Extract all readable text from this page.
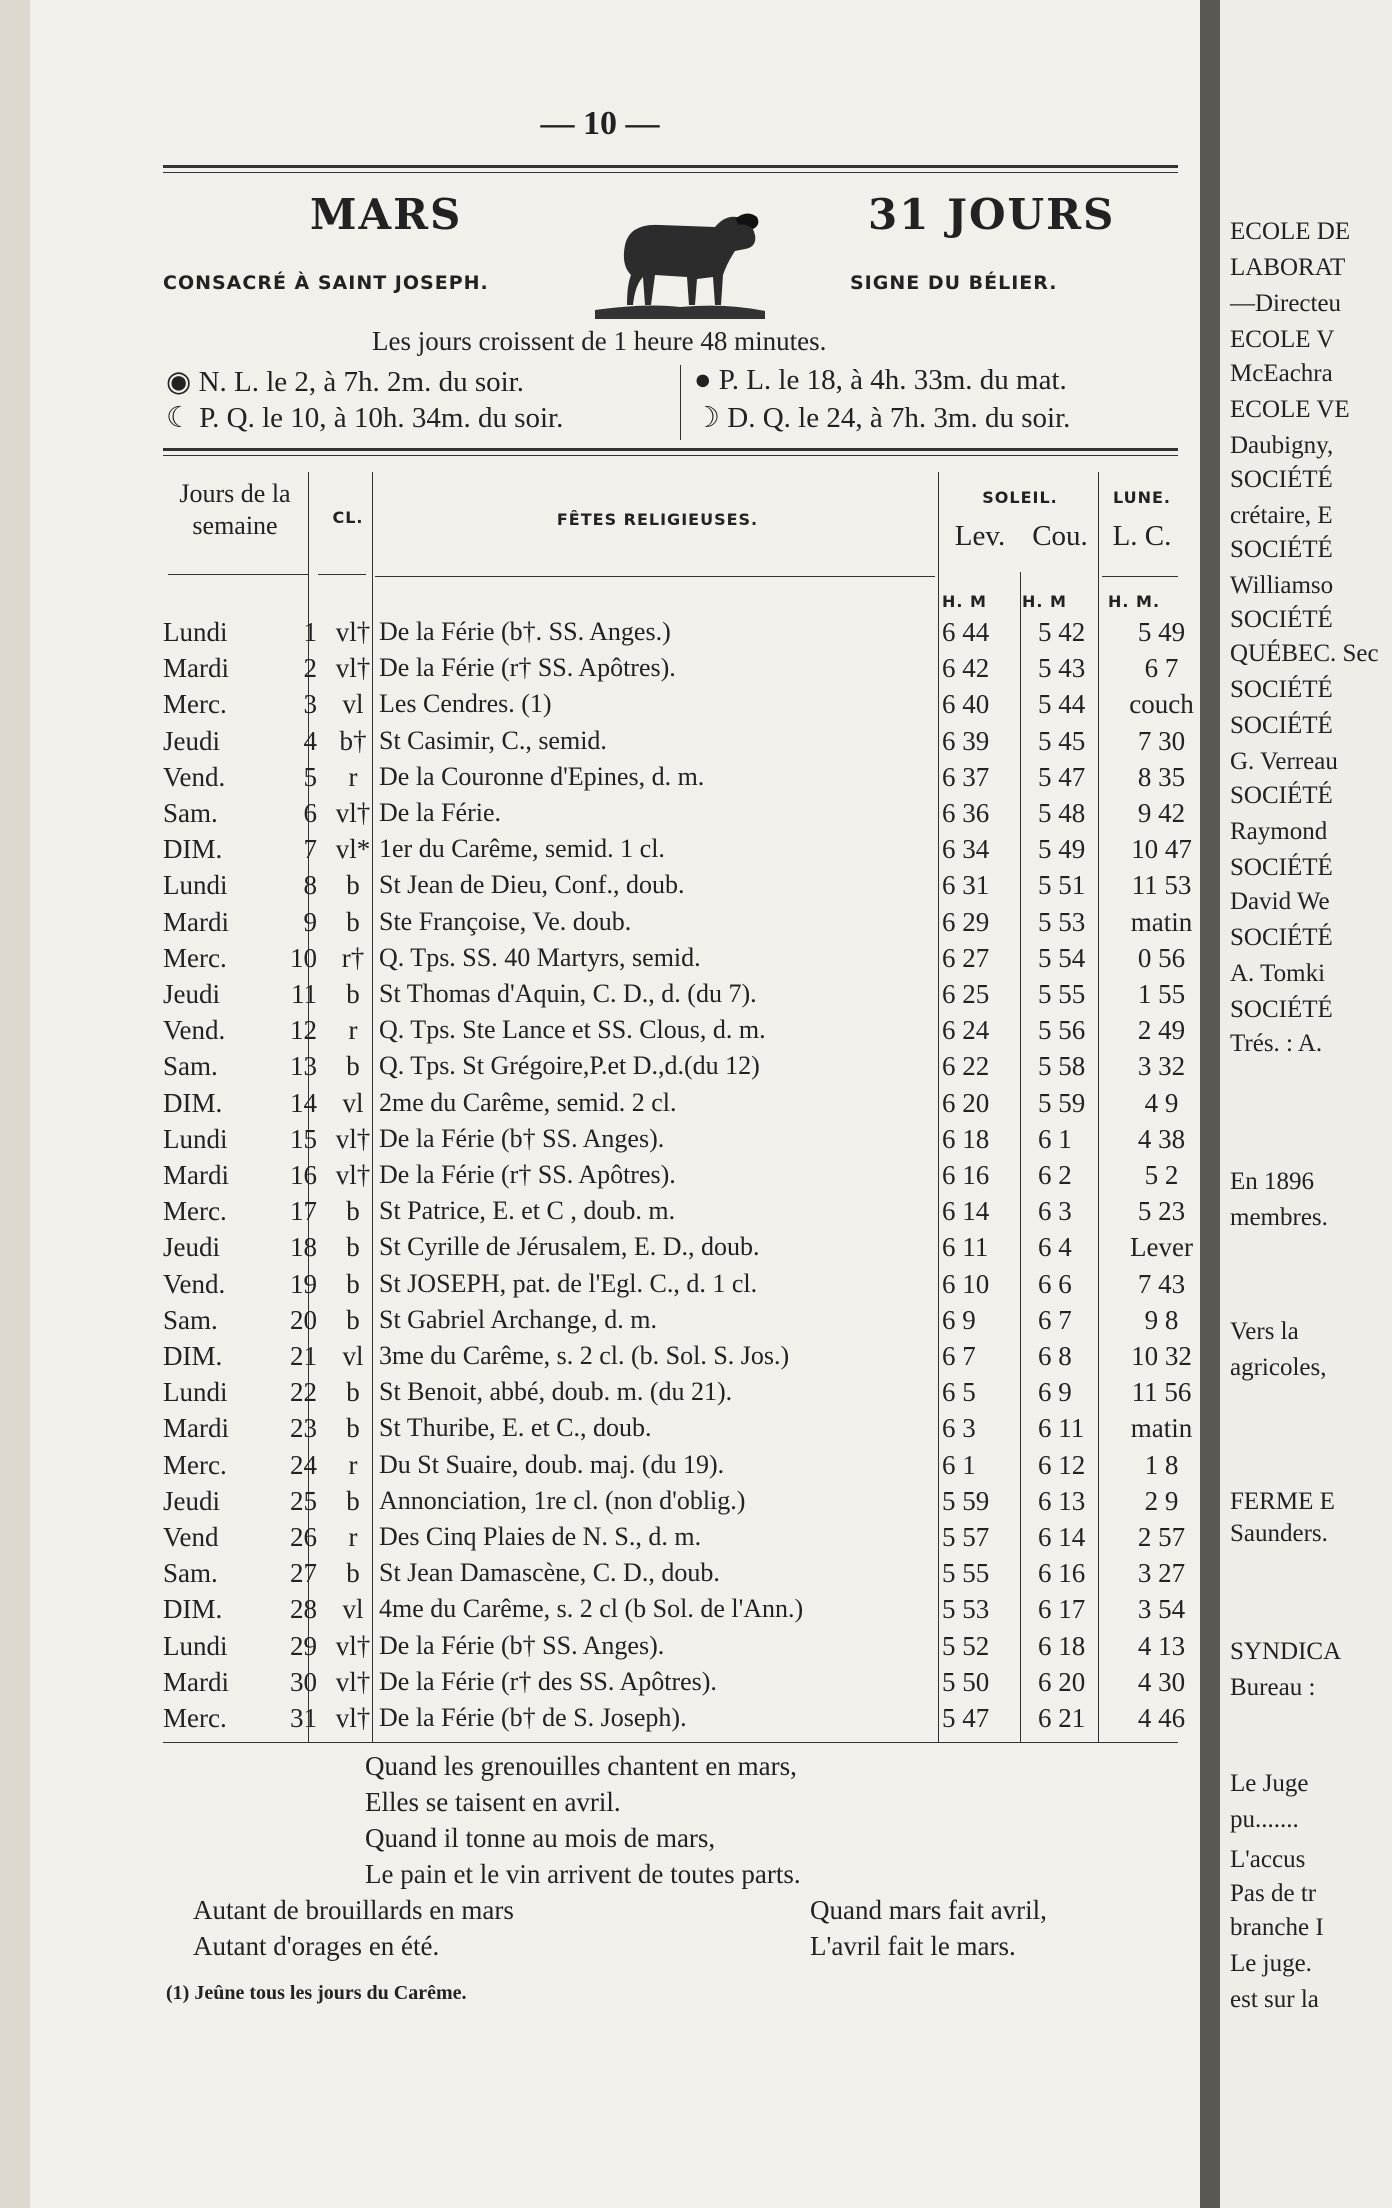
— 10 —
MARS	31 JOURS
CONSACRÉ À SAINT JOSEPH.	SIGNE DU BÉLIER.
Les jours croissent de 1 heure 48 minutes.
◉ N. L. le 2, à 7h. 2m. du soir.	● P. L. le 18, à 4h. 33m. du mat.
☾ P. Q. le 10, à 10h. 34m. du soir.	☽ D. Q. le 24, à 7h. 3m. du soir.
Jours de la semaine	CL.	FÊTES RELIGIEUSES.
SOLEIL.
Lev. Cou.
LUNE.
L. C.
H. M	H. M	H. M.
Lundi	1 vl† De la Férie (b†. SS. Anges.)	6 44	5 42	5 49
Mardi	2 vl† De la Férie (r† SS. Apôtres).	6 42	5 43	6 7
Merc.	3 vl Les Cendres. (1)	6 40	5 44	couch
Jeudi	4 b† St Casimir, C., semid.	6 39	5 45	7 30
Vend.	5	r De la Couronne d'Epines, d. m.	6 37	5 47	8 35
Sam.	6 vl† De la Férie.	6 36	5 48	9 42
DIM.	7 vl* 1er du Carême, semid. 1 cl.	6 34	5 49	10 47
Lundi	8	b St Jean de Dieu, Conf., doub.	6 31	5 51	11 53
Mardi	9	b Ste Françoise, Ve. doub.	6 29	5 53	matin
Merc.	10 r† Q. Tps. SS. 40 Martyrs, semid.	6 27	5 54	0 56
Jeudi	11	b St Thomas d'Aquin, C. D., d. (du 7).	6 25	5 55	1 55
Vend.	12	r Q. Tps. Ste Lance et SS. Clous, d. m.	6 24	5 56	2 49
Sam.	13	b Q. Tps. St Grégoire,P.et D.,d.(du 12)	6 22	5 58	3 32
DIM.	14 vl 2me du Carême, semid. 2 cl.	6 20	5 59	4 9
Lundi	15 vl† De la Férie (b† SS. Anges).	6 18	6 1	4 38
Mardi	16 vl† De la Férie (r† SS. Apôtres).	6 16	6 2	5 2
Merc.	17	b St Patrice, E. et C , doub. m.	6 14	6 3	5 23
Jeudi	18	b St Cyrille de Jérusalem, E. D., doub.	6 11	6 4	Lever
Vend.	19	b St JOSEPH, pat. de l'Egl. C., d. 1 cl.	6 10	6 6	7 43
Sam.	20	b St Gabriel Archange, d. m.	6 9	6 7	9 8
DIM.	21 vl 3me du Carême, s. 2 cl. (b. Sol. S. Jos.)	6 7	6 8	10 32
Lundi	22	b St Benoit, abbé, doub. m. (du 21).	6 5	6 9	11 56
Mardi	23	b St Thuribe, E. et C., doub.	6 3	6 11	matin
Merc.	24	r Du St Suaire, doub. maj. (du 19).	6 1	6 12	1 8
Jeudi	25	b Annonciation, 1re cl. (non d'oblig.)	5 59	6 13	2 9
Vend	26	r Des Cinq Plaies de N. S., d. m.	5 57	6 14	2 57
Sam.	27	b St Jean Damascène, C. D., doub.	5 55	6 16	3 27
DIM.	28 vl 4me du Carême, s. 2 cl (b Sol. de l'Ann.)	5 53	6 17	3 54
Lundi	29 vl† De la Férie (b† SS. Anges).	5 52	6 18	4 13
Mardi	30 vl† De la Férie (r† des SS. Apôtres).	5 50	6 20	4 30
Merc.	31 vl† De la Férie (b† de S. Joseph).	5 47	6 21	4 46
Quand les grenouilles chantent en mars,
Elles se taisent en avril.
Quand il tonne au mois de mars,
Le pain et le vin arrivent de toutes parts.
Autant de brouillards en mars
Autant d'orages en été.
Quand mars fait avril,
L'avril fait le mars.
(1) Jeûne tous les jours du Carême.
ECOLE DE
LABORAT
—Directeu
ECOLE V
McEachra
ECOLE VE
Daubigny,
SOCIÉTÉ
crétaire, E
SOCIÉTÉ
Williamso
SOCIÉTÉ
QUÉBEC. Sec
SOCIÉTÉ
SOCIÉTÉ
G. Verreau
SOCIÉTÉ
Raymond
SOCIÉTÉ
David We
SOCIÉTÉ
A. Tomki
SOCIÉTÉ
Trés. : A.
En 1896
membres.
Vers la
agricoles,
FERME E
Saunders.
SYNDICA
Bureau :
Le Juge
pu.......
L'accus
Pas de tr
branche I
Le juge.
est sur la
